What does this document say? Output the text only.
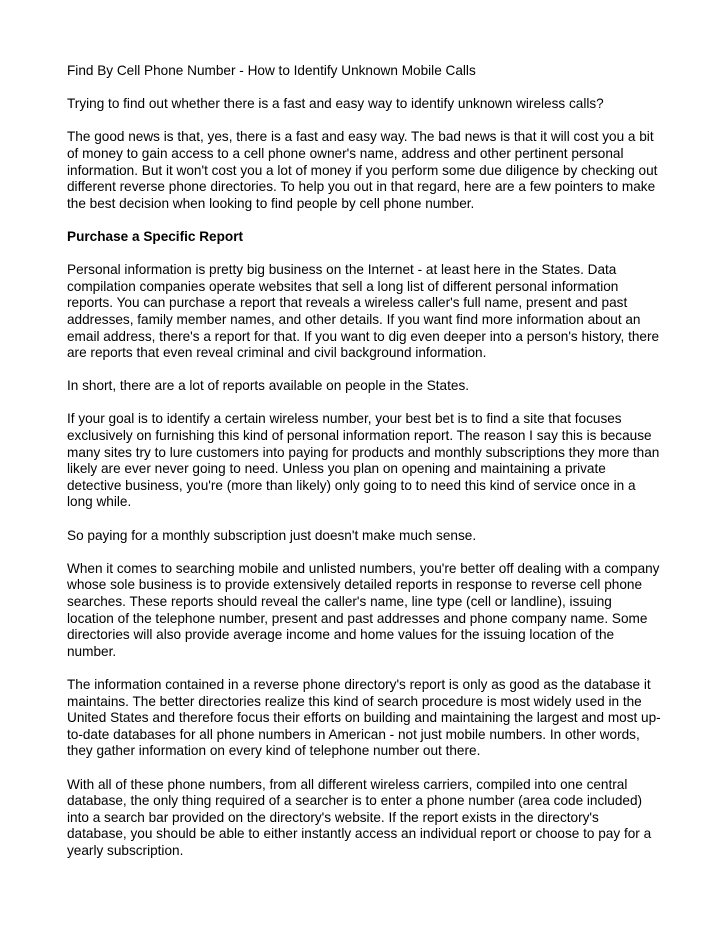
Find By Cell Phone Number - How to Identify Unknown Mobile Calls

Trying to find out whether there is a fast and easy way to identify unknown wireless calls?

The good news is that, yes, there is a fast and easy way. The bad news is that it will cost you a bit of money to gain access to a cell phone owner's name, address and other pertinent personal information. But it won't cost you a lot of money if you perform some due diligence by checking out different reverse phone directories. To help you out in that regard, here are a few pointers to make the best decision when looking to find people by cell phone number.

Purchase a Specific Report

Personal information is pretty big business on the Internet - at least here in the States. Data compilation companies operate websites that sell a long list of different personal information reports. You can purchase a report that reveals a wireless caller's full name, present and past addresses, family member names, and other details. If you want find more information about an email address, there's a report for that. If you want to dig even deeper into a person's history, there are reports that even reveal criminal and civil background information.

In short, there are a lot of reports available on people in the States.

If your goal is to identify a certain wireless number, your best bet is to find a site that focuses exclusively on furnishing this kind of personal information report. The reason I say this is because many sites try to lure customers into paying for products and monthly subscriptions they more than likely are ever never going to need. Unless you plan on opening and maintaining a private detective business, you're (more than likely) only going to to need this kind of service once in a long while.

So paying for a monthly subscription just doesn't make much sense.

When it comes to searching mobile and unlisted numbers, you're better off dealing with a company whose sole business is to provide extensively detailed reports in response to reverse cell phone searches. These reports should reveal the caller's name, line type (cell or landline), issuing location of the telephone number, present and past addresses and phone company name. Some directories will also provide average income and home values for the issuing location of the number.

The information contained in a reverse phone directory's report is only as good as the database it maintains. The better directories realize this kind of search procedure is most widely used in the United States and therefore focus their efforts on building and maintaining the largest and most up-to-date databases for all phone numbers in American - not just mobile numbers. In other words, they gather information on every kind of telephone number out there.

With all of these phone numbers, from all different wireless carriers, compiled into one central database, the only thing required of a searcher is to enter a phone number (area code included) into a search bar provided on the directory's website. If the report exists in the directory's database, you should be able to either instantly access an individual report or choose to pay for a yearly subscription.
